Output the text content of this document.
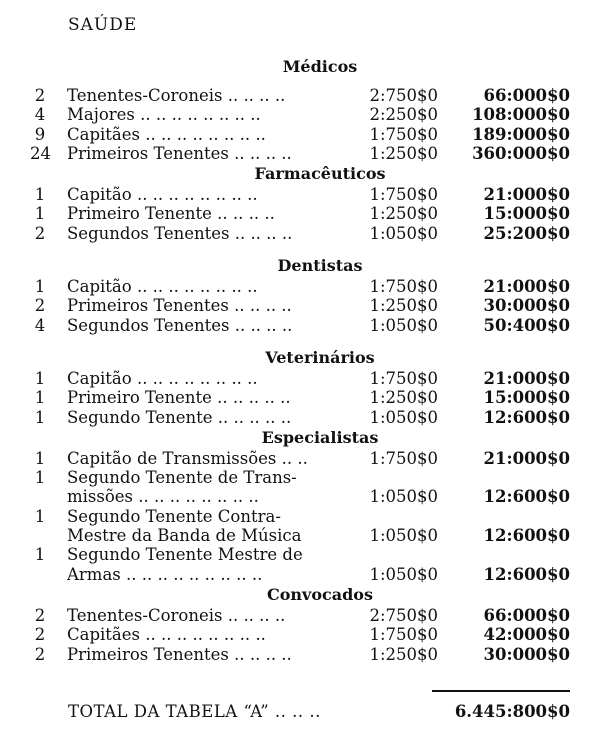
SAÚDE
Médicos
2 Tenentes-Coroneis .. .. .. ..	2:750$0	66:000$0
4 Majores .. .. .. .. .. .. .. ..	2:250$0	108:000$0
9 Capitães .. .. .. .. .. .. .. ..	1:750$0	189:000$0
24 Primeiros Tenentes .. .. .. ..	1:250$0	360:000$0
Farmacêuticos
1 Capitão .. .. .. .. .. .. .. ..	1:750$0	21:000$0
1 Primeiro Tenente .. .. .. ..	1:250$0	15:000$0
2 Segundos Tenentes .. .. .. ..	1:050$0	25:200$0
Dentistas
1 Capitão .. .. .. .. .. .. .. ..	1:750$0	21:000$0
2 Primeiros Tenentes .. .. .. ..	1:250$0	30:000$0
4 Segundos Tenentes .. .. .. ..	1:050$0	50:400$0
Veterinários
1 Capitão .. .. .. .. .. .. .. ..	1:750$0	21:000$0
1 Primeiro Tenente .. .. .. .. ..	1:250$0	15:000$0
1 Segundo Tenente .. .. .. .. ..	1:050$0	12:600$0
Especialistas
1 Capitão de Transmissões .. ..	1:750$0	21:000$0
1 Segundo Tenente de Trans-
missões .. .. .. .. .. .. .. ..	1:050$0	12:600$0
1 Segundo Tenente Contra-
Mestre da Banda de Música	1:050$0	12:600$0
1 Segundo Tenente Mestre de
Armas .. .. .. .. .. .. .. .. ..	1:050$0	12:600$0
Convocados
2 Tenentes-Coroneis .. .. .. ..	2:750$0	66:000$0
2 Capitães .. .. .. .. .. .. .. ..	1:750$0	42:000$0
2 Primeiros Tenentes .. .. .. ..	1:250$0	30:000$0
TOTAL DA TABELA “A” .. .. ..	6.445:800$0
